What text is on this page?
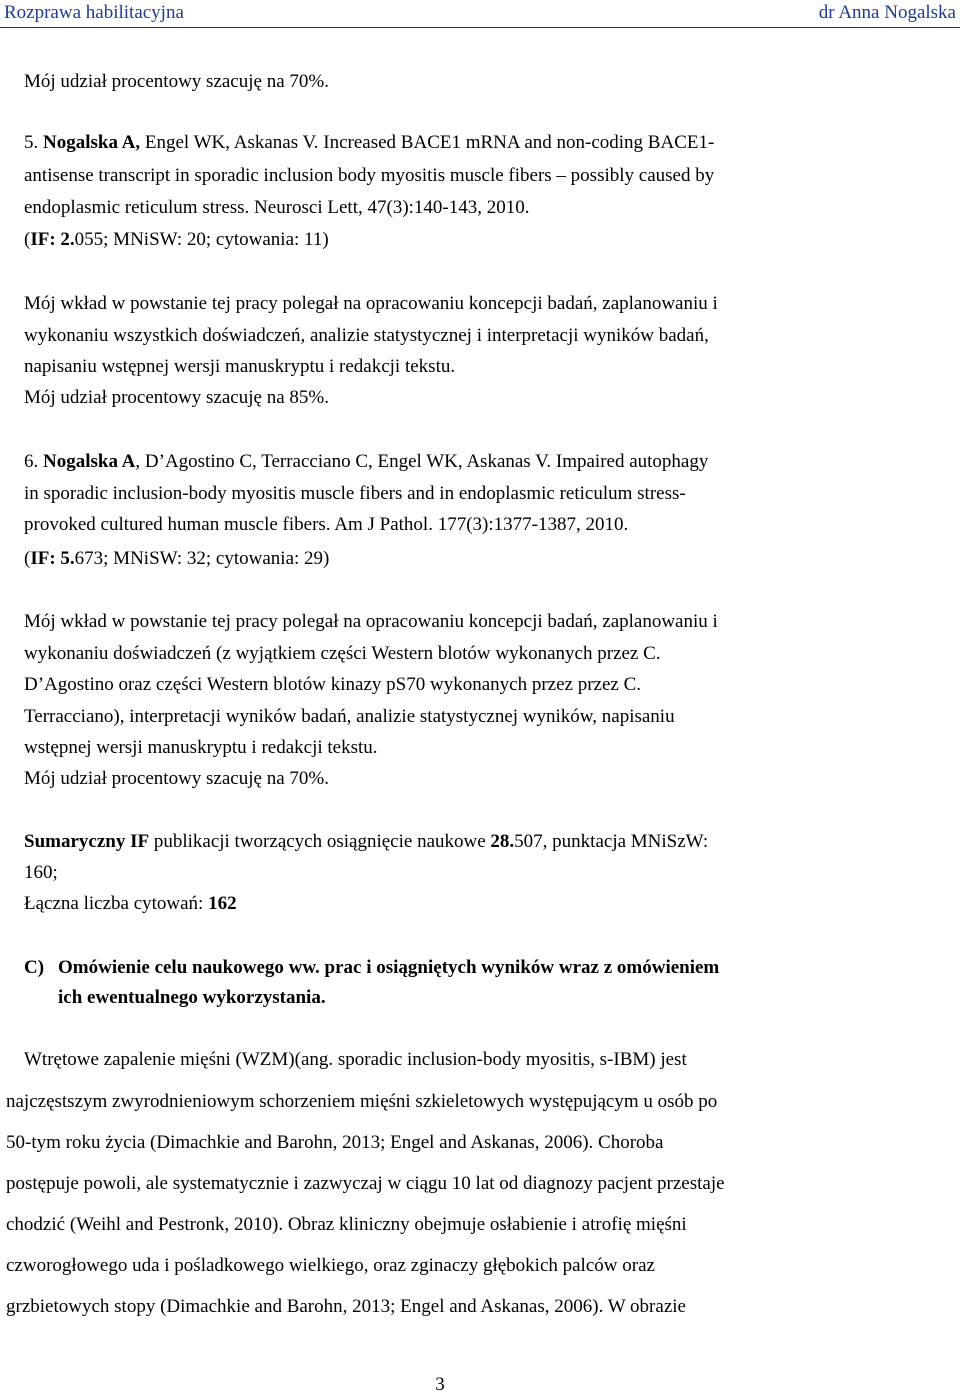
Rozprawa habilitacyjna	dr Anna Nogalska
Mój udział procentowy szacuję na 70%.
5. Nogalska A, Engel WK, Askanas V. Increased BACE1 mRNA and non-coding BACE1-
antisense transcript in sporadic inclusion body myositis muscle fibers – possibly caused by
endoplasmic reticulum stress. Neurosci Lett, 47(3):140-143, 2010.
(IF: 2.055; MNiSW: 20; cytowania: 11)
Mój wkład w powstanie tej pracy polegał na opracowaniu koncepcji badań, zaplanowaniu i
wykonaniu wszystkich doświadczeń, analizie statystycznej i interpretacji wyników badań,
napisaniu wstępnej wersji manuskryptu i redakcji tekstu.
Mój udział procentowy szacuję na 85%.
6. Nogalska A, D’Agostino C, Terracciano C, Engel WK, Askanas V. Impaired autophagy
in sporadic inclusion-body myositis muscle fibers and in endoplasmic reticulum stress-
provoked cultured human muscle fibers. Am J Pathol. 177(3):1377-1387, 2010.
(IF: 5.673; MNiSW: 32; cytowania: 29)
Mój wkład w powstanie tej pracy polegał na opracowaniu koncepcji badań, zaplanowaniu i
wykonaniu doświadczeń (z wyjątkiem części Western blotów wykonanych przez C.
D’Agostino oraz części Western blotów kinazy pS70 wykonanych przez przez C.
Terracciano), interpretacji wyników badań, analizie statystycznej wyników, napisaniu
wstępnej wersji manuskryptu i redakcji tekstu.
Mój udział procentowy szacuję na 70%.
Sumaryczny IF publikacji tworzących osiągnięcie naukowe 28.507, punktacja MNiSzW:
160;
Łączna liczba cytowań: 162
C) Omówienie celu naukowego ww. prac i osiągniętych wyników wraz z omówieniem
ich ewentualnego wykorzystania.
Wtrętowe zapalenie mięśni (WZM)(ang. sporadic inclusion-body myositis, s-IBM) jest
najczęstszym zwyrodnieniowym schorzeniem mięśni szkieletowych występującym u osób po
50-tym roku życia (Dimachkie and Barohn, 2013; Engel and Askanas, 2006). Choroba
postępuje powoli, ale systematycznie i zazwyczaj w ciągu 10 lat od diagnozy pacjent przestaje
chodzić (Weihl and Pestronk, 2010). Obraz kliniczny obejmuje osłabienie i atrofię mięśni
czworogłowego uda i pośladkowego wielkiego, oraz zginaczy głębokich palców oraz
grzbietowych stopy (Dimachkie and Barohn, 2013; Engel and Askanas, 2006). W obrazie
3
